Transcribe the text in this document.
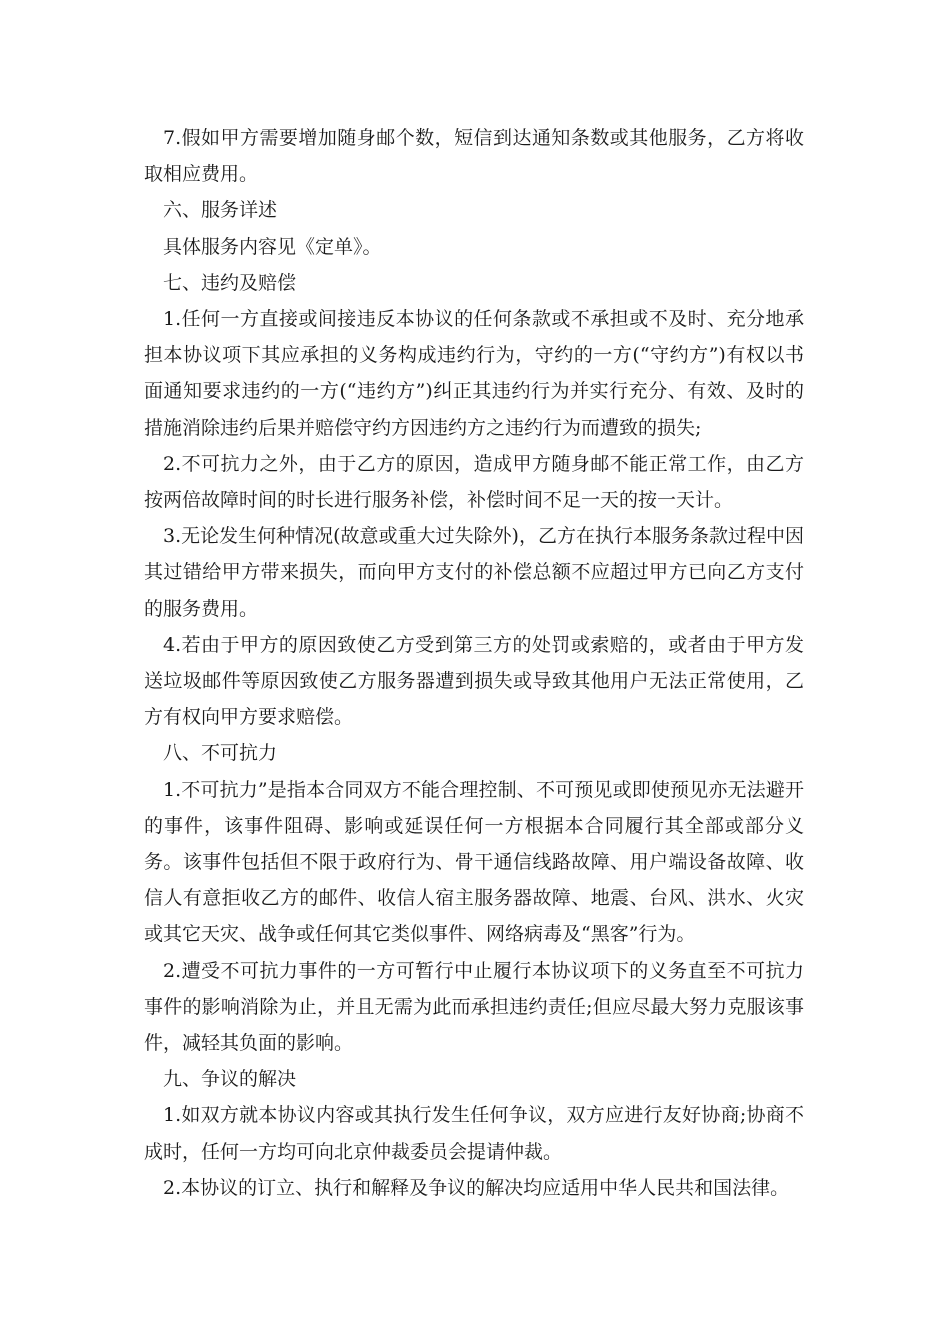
7.假如甲方需要增加随身邮个数，短信到达通知条数或其他服务，乙方将收取相应费用。

六、服务详述

具体服务内容见《定单》。

七、违约及赔偿

1.任何一方直接或间接违反本协议的任何条款或不承担或不及时、充分地承担本协议项下其应承担的义务构成违约行为，守约的一方(“守约方”)有权以书面通知要求违约的一方(“违约方”)纠正其违约行为并实行充分、有效、及时的措施消除违约后果并赔偿守约方因违约方之违约行为而遭致的损失;

2.不可抗力之外，由于乙方的原因，造成甲方随身邮不能正常工作，由乙方按两倍故障时间的时长进行服务补偿，补偿时间不足一天的按一天计。

3.无论发生何种情况(故意或重大过失除外)，乙方在执行本服务条款过程中因其过错给甲方带来损失，而向甲方支付的补偿总额不应超过甲方已向乙方支付的服务费用。

4.若由于甲方的原因致使乙方受到第三方的处罚或索赔的，或者由于甲方发送垃圾邮件等原因致使乙方服务器遭到损失或导致其他用户无法正常使用，乙方有权向甲方要求赔偿。

八、不可抗力

1.不可抗力”是指本合同双方不能合理控制、不可预见或即使预见亦无法避开的事件，该事件阻碍、影响或延误任何一方根据本合同履行其全部或部分义务。该事件包括但不限于政府行为、骨干通信线路故障、用户端设备故障、收信人有意拒收乙方的邮件、收信人宿主服务器故障、地震、台风、洪水、火灾或其它天灾、战争或任何其它类似事件、网络病毒及“黑客”行为。

2.遭受不可抗力事件的一方可暂行中止履行本协议项下的义务直至不可抗力事件的影响消除为止，并且无需为此而承担违约责任;但应尽最大努力克服该事件，减轻其负面的影响。

九、争议的解决

1.如双方就本协议内容或其执行发生任何争议，双方应进行友好协商;协商不成时，任何一方均可向北京仲裁委员会提请仲裁。

2.本协议的订立、执行和解释及争议的解决均应适用中华人民共和国法律。
